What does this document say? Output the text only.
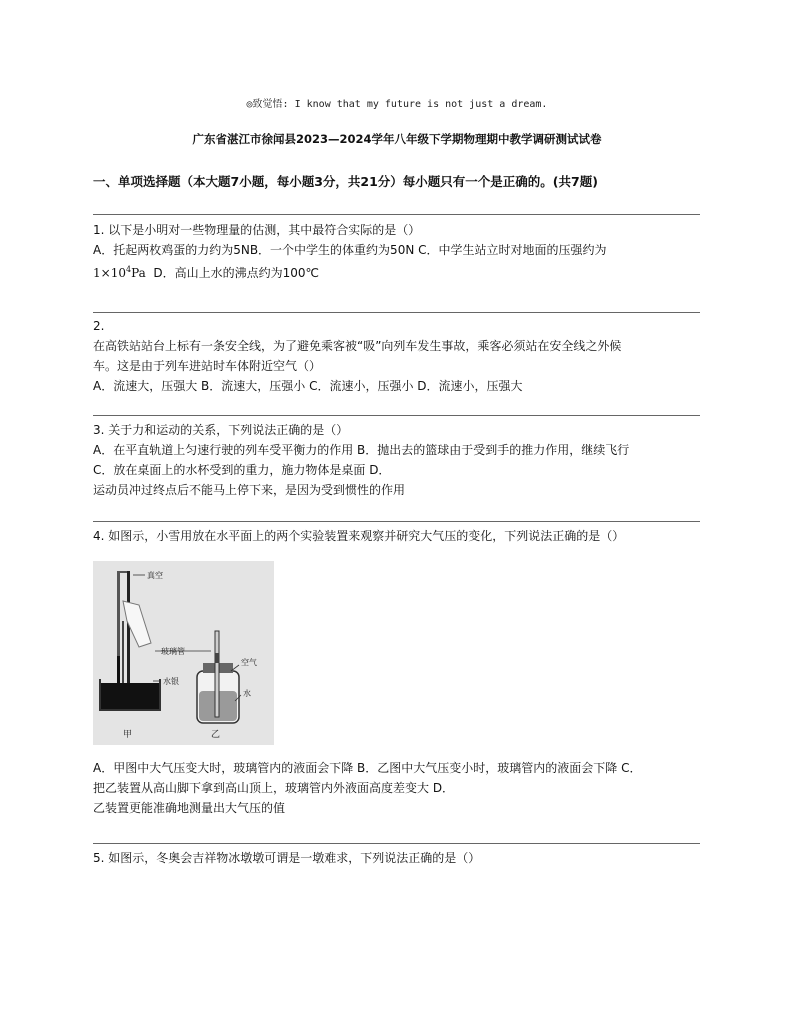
◎致觉悟: I know that my future is not just a dream.
广东省湛江市徐闻县2023—2024学年八年级下学期物理期中教学调研测试试卷
一、单项选择题（本大题7小题，每小题3分，共21分）每小题只有一个是正确的。(共7题)
1. 以下是小明对一些物理量的估测，其中最符合实际的是（）
A．托起两枚鸡蛋的力约为5NB．一个中学生的体重约为50N C．中学生站立时对地面的压强约为
$1\times 10^4Pa$ D．高山上水的沸点约为100℃
2.
在高铁站站台上标有一条安全线，为了避免乘客被“吸”向列车发生事故，乘客必须站在安全线之外候
车。这是由于列车进站时车体附近空气（）
A．流速大，压强大 B．流速大，压强小 C．流速小，压强小 D．流速小，压强大
3. 关于力和运动的关系，下列说法正确的是（）
A．在平直轨道上匀速行驶的列车受平衡力的作用 B．抛出去的篮球由于受到手的推力作用，继续飞行
C．放在桌面上的水杯受到的重力，施力物体是桌面 D．
运动员冲过终点后不能马上停下来，是因为受到惯性的作用
4. 如图示，小雪用放在水平面上的两个实验装置来观察并研究大气压的变化，下列说法正确的是（）
真空
玻璃管
水银
甲
空气
水
乙
A．甲图中大气压变大时，玻璃管内的液面会下降 B．乙图中大气压变小时，玻璃管内的液面会下降 C．
把乙装置从高山脚下拿到高山顶上，玻璃管内外液面高度差变大 D．
乙装置更能准确地测量出大气压的值
5. 如图示，冬奥会吉祥物冰墩墩可谓是一墩难求，下列说法正确的是（）
